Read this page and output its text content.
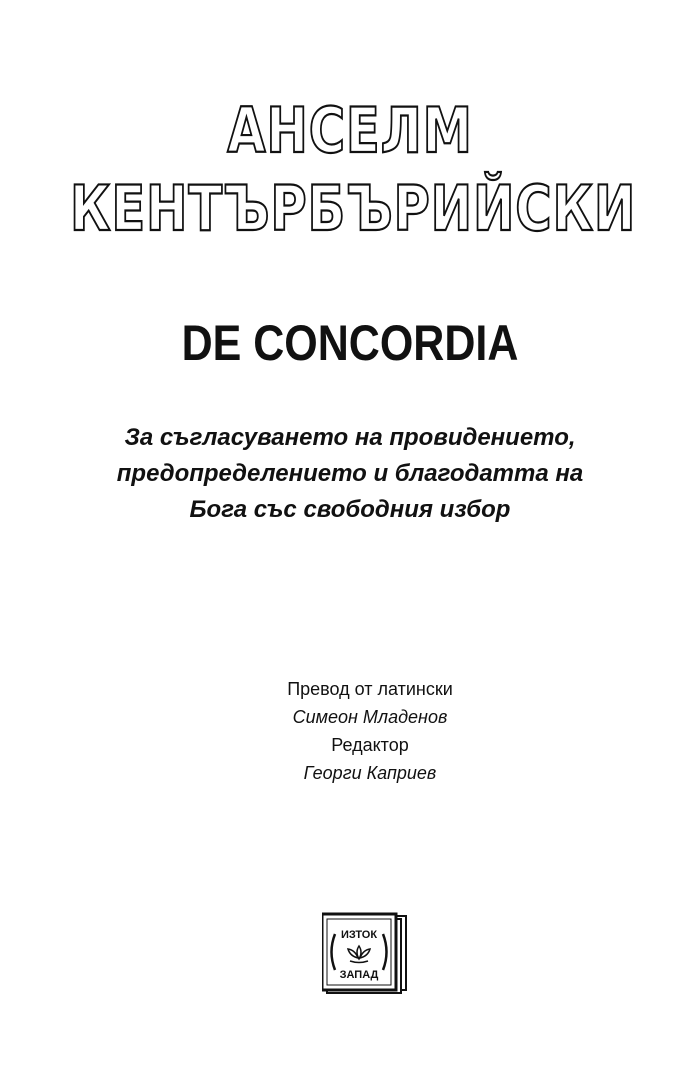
АНСЕЛМ
КЕНТЪРБЪРИЙСКИ
DE CONCORDIA
За съгласуването на провидението,
предопределението и благодатта на
Бога със свободния избор
Превод от латински
Симеон Младенов
Редактор
Георги Каприев
ИЗТОК
ЗАПАД
